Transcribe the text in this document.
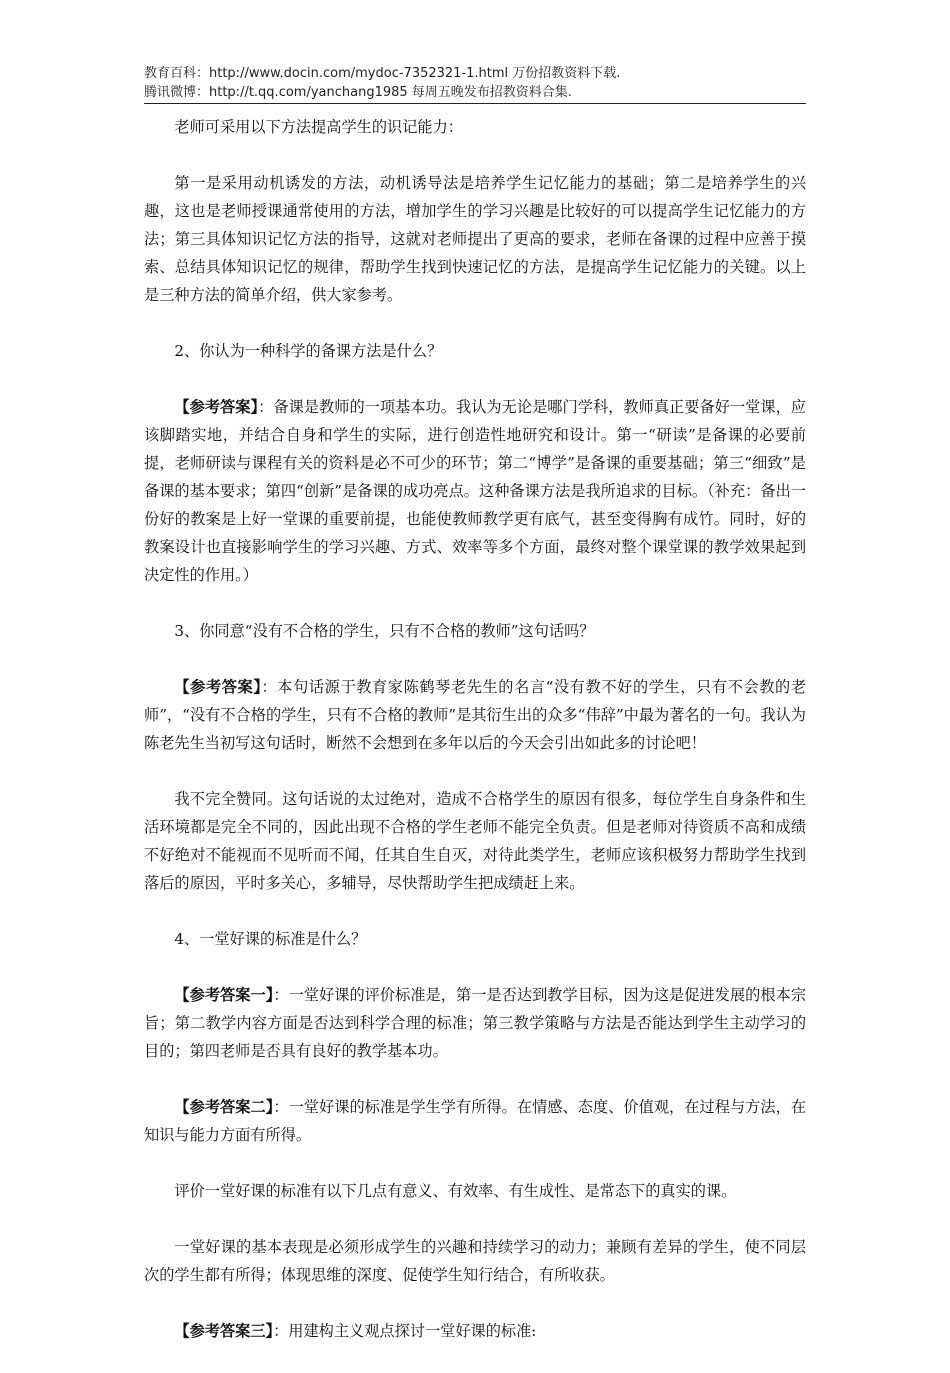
教育百科：http://www.docin.com/mydoc-7352321-1.html 万份招教资料下载.
腾讯微博：http://t.qq.com/yanchang1985 每周五晚发布招教资料合集.

老师可采用以下方法提高学生的识记能力：

第一是采用动机诱发的方法，动机诱导法是培养学生记忆能力的基础；第二是培养学生的兴趣，这也是老师授课通常使用的方法，增加学生的学习兴趣是比较好的可以提高学生记忆能力的方法；第三具体知识记忆方法的指导，这就对老师提出了更高的要求，老师在备课的过程中应善于摸索、总结具体知识记忆的规律，帮助学生找到快速记忆的方法，是提高学生记忆能力的关键。以上是三种方法的简单介绍，供大家参考。

2、你认为一种科学的备课方法是什么？

【参考答案】：备课是教师的一项基本功。我认为无论是哪门学科，教师真正要备好一堂课，应该脚踏实地，并结合自身和学生的实际，进行创造性地研究和设计。第一“研读”是备课的必要前提，老师研读与课程有关的资料是必不可少的环节；第二“博学”是备课的重要基础；第三“细致”是备课的基本要求；第四“创新”是备课的成功亮点。这种备课方法是我所追求的目标。（补充：备出一份好的教案是上好一堂课的重要前提，也能使教师教学更有底气，甚至变得胸有成竹。同时，好的教案设计也直接影响学生的学习兴趣、方式、效率等多个方面，最终对整个课堂课的教学效果起到决定性的作用。）

3、你同意“没有不合格的学生，只有不合格的教师”这句话吗？

【参考答案】：本句话源于教育家陈鹤琴老先生的名言“没有教不好的学生，只有不会教的老师”，“没有不合格的学生，只有不合格的教师”是其衍生出的众多“伟辞”中最为著名的一句。我认为陈老先生当初写这句话时，断然不会想到在多年以后的今天会引出如此多的讨论吧！

我不完全赞同。这句话说的太过绝对，造成不合格学生的原因有很多，每位学生自身条件和生活环境都是完全不同的，因此出现不合格的学生老师不能完全负责。但是老师对待资质不高和成绩不好绝对不能视而不见听而不闻，任其自生自灭，对待此类学生，老师应该积极努力帮助学生找到落后的原因，平时多关心，多辅导，尽快帮助学生把成绩赶上来。

4、一堂好课的标准是什么？

【参考答案一】：一堂好课的评价标准是，第一是否达到教学目标，因为这是促进发展的根本宗旨；第二教学内容方面是否达到科学合理的标准；第三教学策略与方法是否能达到学生主动学习的目的；第四老师是否具有良好的教学基本功。

【参考答案二】：一堂好课的标准是学生学有所得。在情感、态度、价值观，在过程与方法，在知识与能力方面有所得。

评价一堂好课的标准有以下几点有意义、有效率、有生成性、是常态下的真实的课。

一堂好课的基本表现是必须形成学生的兴趣和持续学习的动力；兼顾有差异的学生，使不同层次的学生都有所得；体现思维的深度、促使学生知行结合，有所收获。

【参考答案三】：用建构主义观点探讨一堂好课的标准:
